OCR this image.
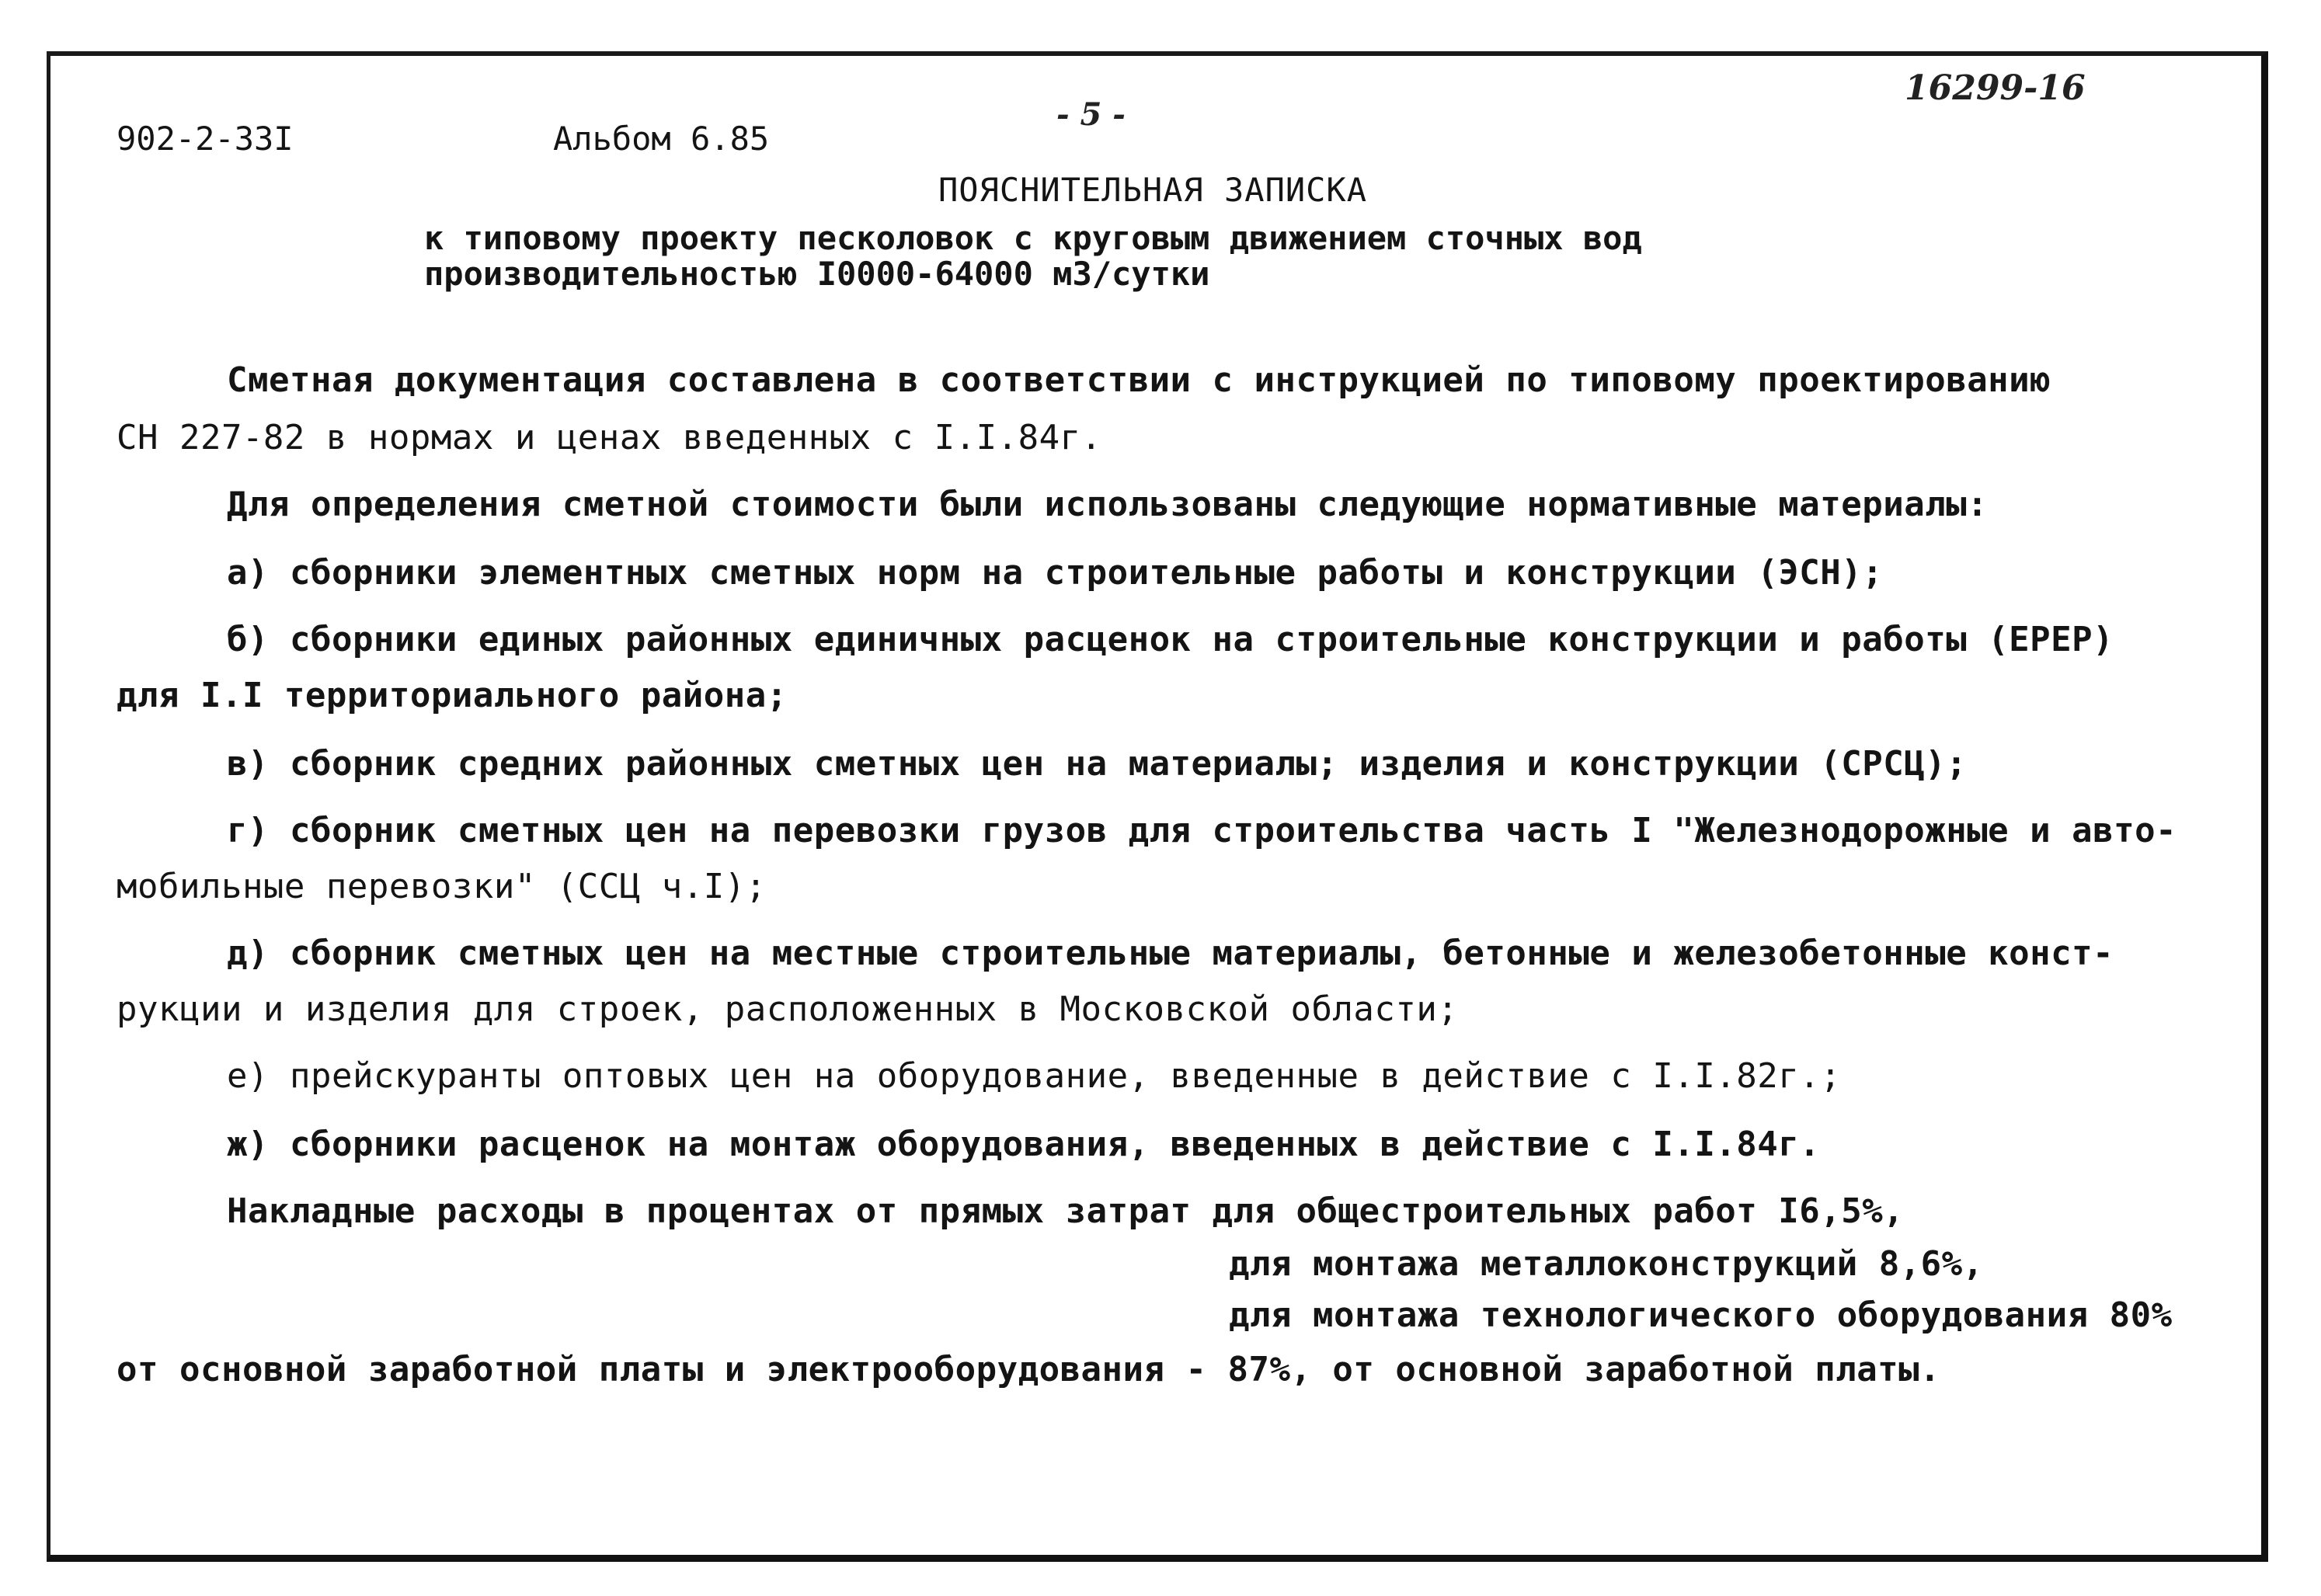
902-2-33I	Альбом 6.85
- 5 -
16299-16
ПОЯСНИТЕЛЬНАЯ ЗАПИСКА
к типовому проекту песколовок с круговым движением сточных вод
производительностью I0000-64000 м3/сутки
Сметная документация составлена в соответствии с инструкцией по типовому проектированию
СН 227-82 в нормах и ценах введенных с I.I.84г.
Для определения сметной стоимости были использованы следующие нормативные материалы:
а) сборники элементных сметных норм на строительные работы и конструкции (ЭСН);
б) сборники единых районных единичных расценок на строительные конструкции и работы (ЕРЕР)
для I.I территориального района;
в) сборник средних районных сметных цен на материалы; изделия и конструкции (СРСЦ);
г) сборник сметных цен на перевозки грузов для строительства часть I "Железнодорожные и авто-
мобильные перевозки" (ССЦ ч.I);
д) сборник сметных цен на местные строительные материалы, бетонные и железобетонные конст-
рукции и изделия для строек, расположенных в Московской области;
е) прейскуранты оптовых цен на оборудование, введенные в действие с I.I.82г.;
ж) сборники расценок на монтаж оборудования, введенных в действие с I.I.84г.
Накладные расходы в процентах от прямых затрат для общестроительных работ I6,5%,
для монтажа металлоконструкций 8,6%,
для монтажа технологического оборудования 80%
от основной заработной платы и электрооборудования - 87%, от основной заработной платы.
